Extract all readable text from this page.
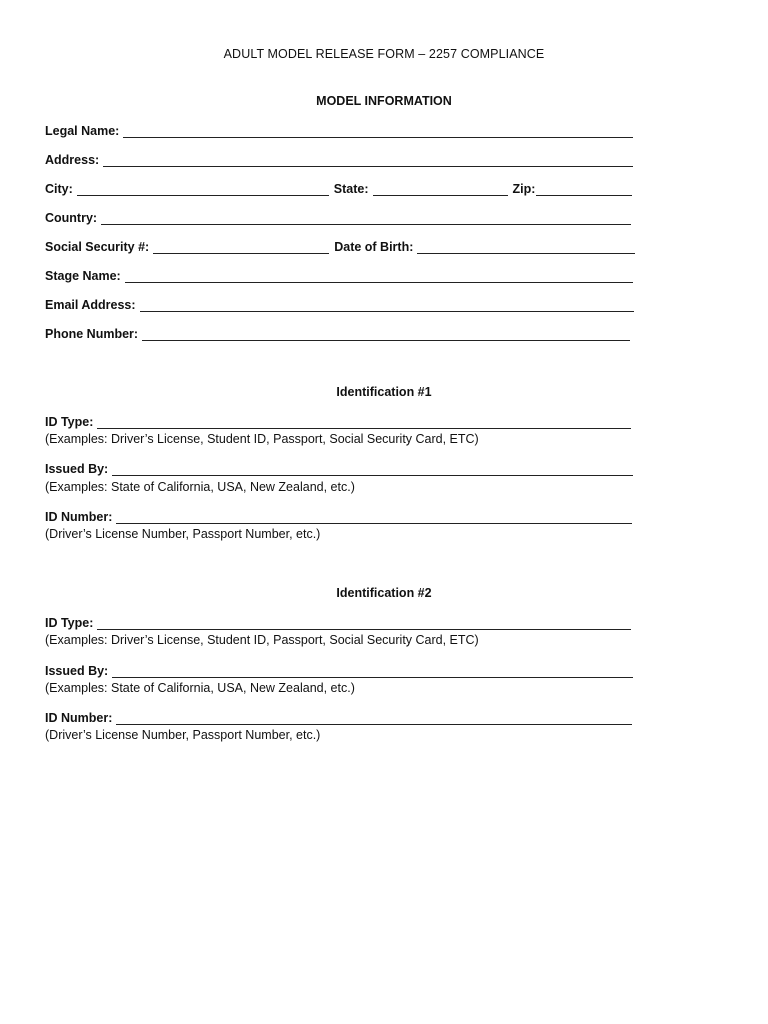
ADULT MODEL RELEASE FORM – 2257 COMPLIANCE
MODEL INFORMATION
Legal Name:
Address:
City:	State:	Zip:
Country:
Social Security #:	Date of Birth:
Stage Name:
Email Address:
Phone Number:
Identification #1
ID Type:
(Examples: Driver’s License, Student ID, Passport, Social Security Card, ETC)
Issued By:
(Examples: State of California, USA, New Zealand, etc.)
ID Number:
(Driver’s License Number, Passport Number, etc.)
Identification #2
ID Type:
(Examples: Driver’s License, Student ID, Passport, Social Security Card, ETC)
Issued By:
(Examples: State of California, USA, New Zealand, etc.)
ID Number:
(Driver’s License Number, Passport Number, etc.)
